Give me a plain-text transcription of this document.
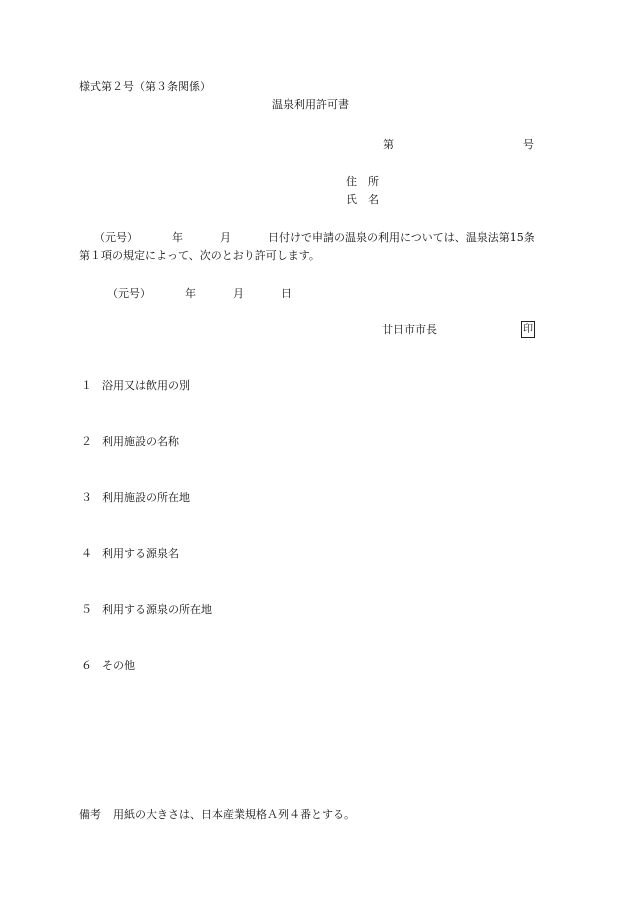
様式第２号（第３条関係）
温泉利用許可書
第	号
住　所
氏　名
（元号）	年	月	日付けで申請の温泉の利用については、温泉法第15条
第１項の規定によって、次のとおり許可します。
（元号）	年	月	日
廿日市市長	印
１ 浴用又は飲用の別
２ 利用施設の名称
３ 利用施設の所在地
４ 利用する源泉名
５ 利用する源泉の所在地
６ その他
備考 用紙の大きさは、日本産業規格Ａ列４番とする。
